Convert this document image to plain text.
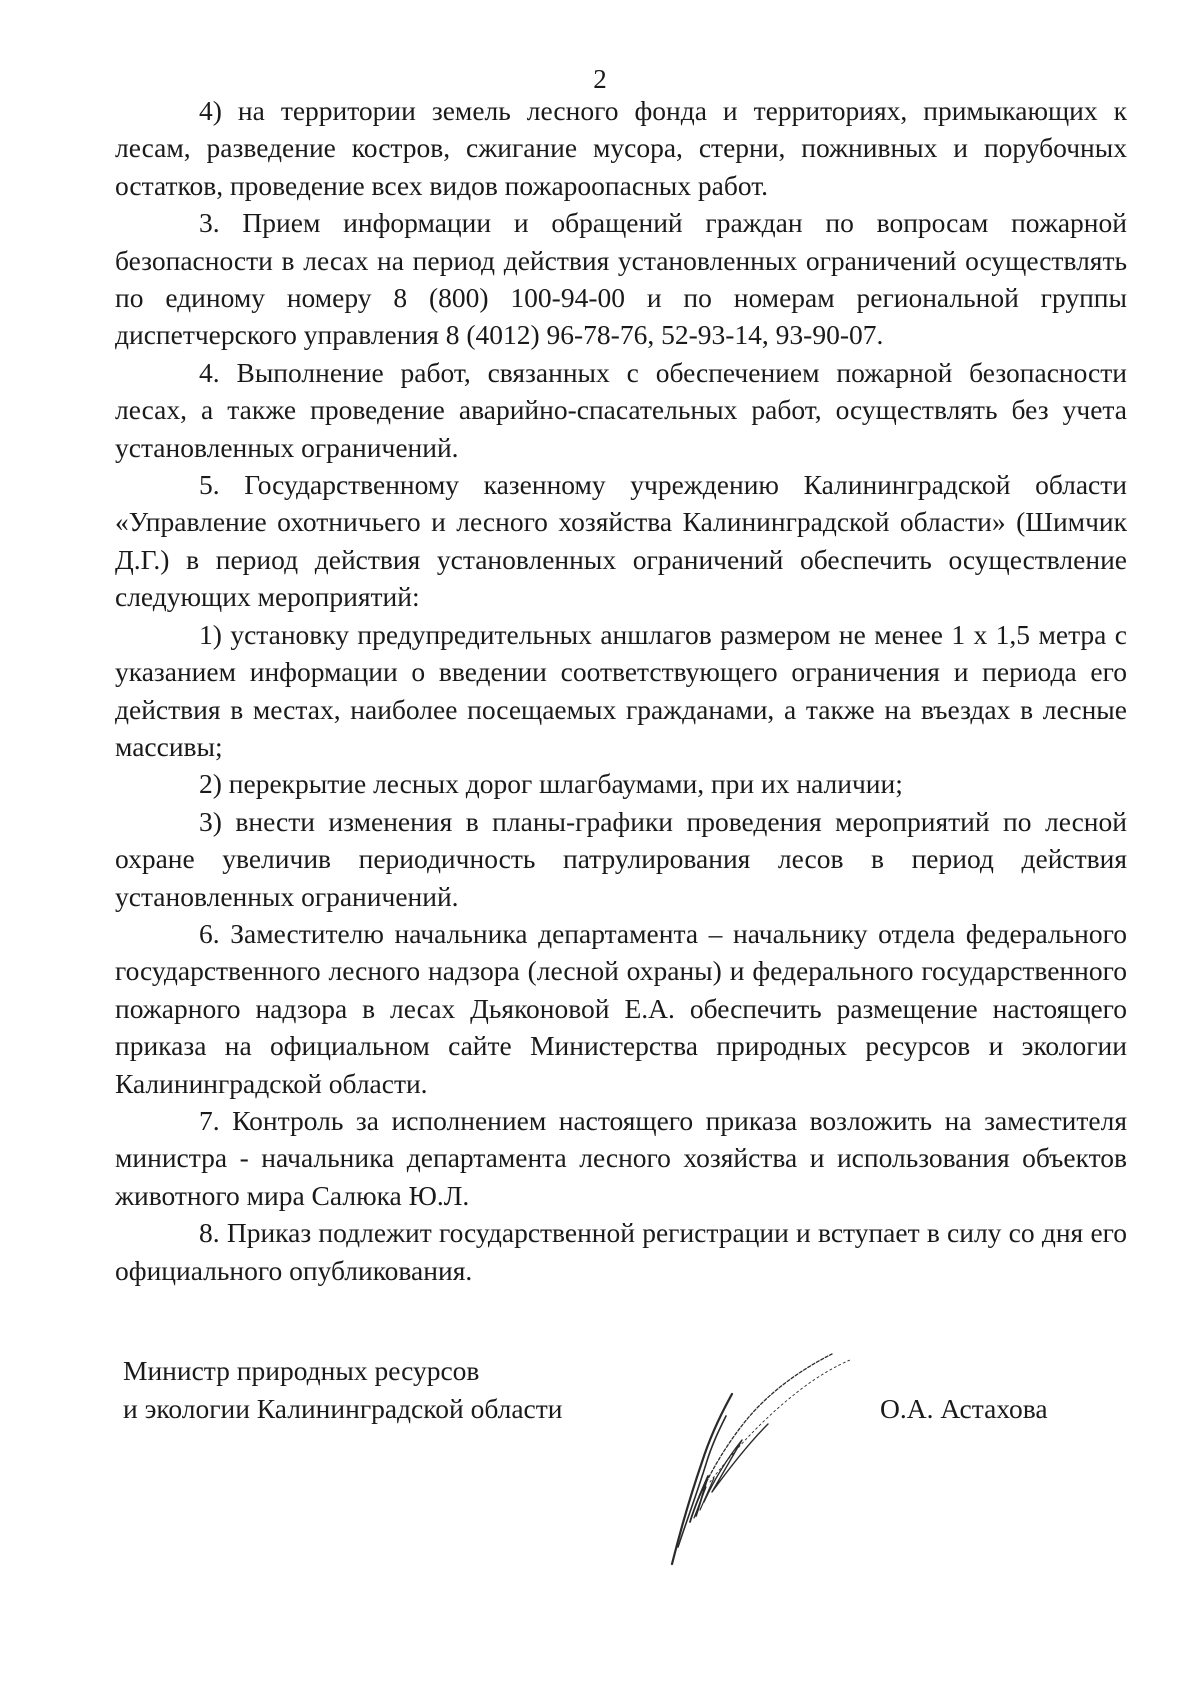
2

4) на территории земель лесного фонда и территориях, примыкающих к лесам, разведение костров, сжигание мусора, стерни, пожнивных и порубочных остатков, проведение всех видов пожароопасных работ.

3. Прием информации и обращений граждан по вопросам пожарной безопасности в лесах на период действия установленных ограничений осуществлять по единому номеру 8 (800) 100-94-00 и по номерам региональной группы диспетчерского управления 8 (4012) 96-78-76, 52-93-14, 93-90-07.

4. Выполнение работ, связанных с обеспечением пожарной безопасности лесах, а также проведение аварийно-спасательных работ, осуществлять без учета установленных ограничений.

5. Государственному казенному учреждению Калининградской области «Управление охотничьего и лесного хозяйства Калининградской области» (Шимчик Д.Г.) в период действия установленных ограничений обеспечить осуществление следующих мероприятий:

1) установку предупредительных аншлагов размером не менее 1 х 1,5 метра с указанием информации о введении соответствующего ограничения и периода его действия в местах, наиболее посещаемых гражданами, а также на въездах в лесные массивы;

2) перекрытие лесных дорог шлагбаумами, при их наличии;

3) внести изменения в планы-графики проведения мероприятий по лесной охране увеличив периодичность патрулирования лесов в период действия установленных ограничений.

6. Заместителю начальника департамента – начальнику отдела федерального государственного лесного надзора (лесной охраны) и федерального государственного пожарного надзора в лесах Дьяконовой Е.А. обеспечить размещение настоящего приказа на официальном сайте Министерства природных ресурсов и экологии Калининградской области.

7. Контроль за исполнением настоящего приказа возложить на заместителя министра - начальника департамента лесного хозяйства и использования объектов животного мира Салюка Ю.Л.

8. Приказ подлежит государственной регистрации и вступает в силу со дня его официального опубликования.

Министр природных ресурсов
и экологии Калининградской области	О.А. Астахова
